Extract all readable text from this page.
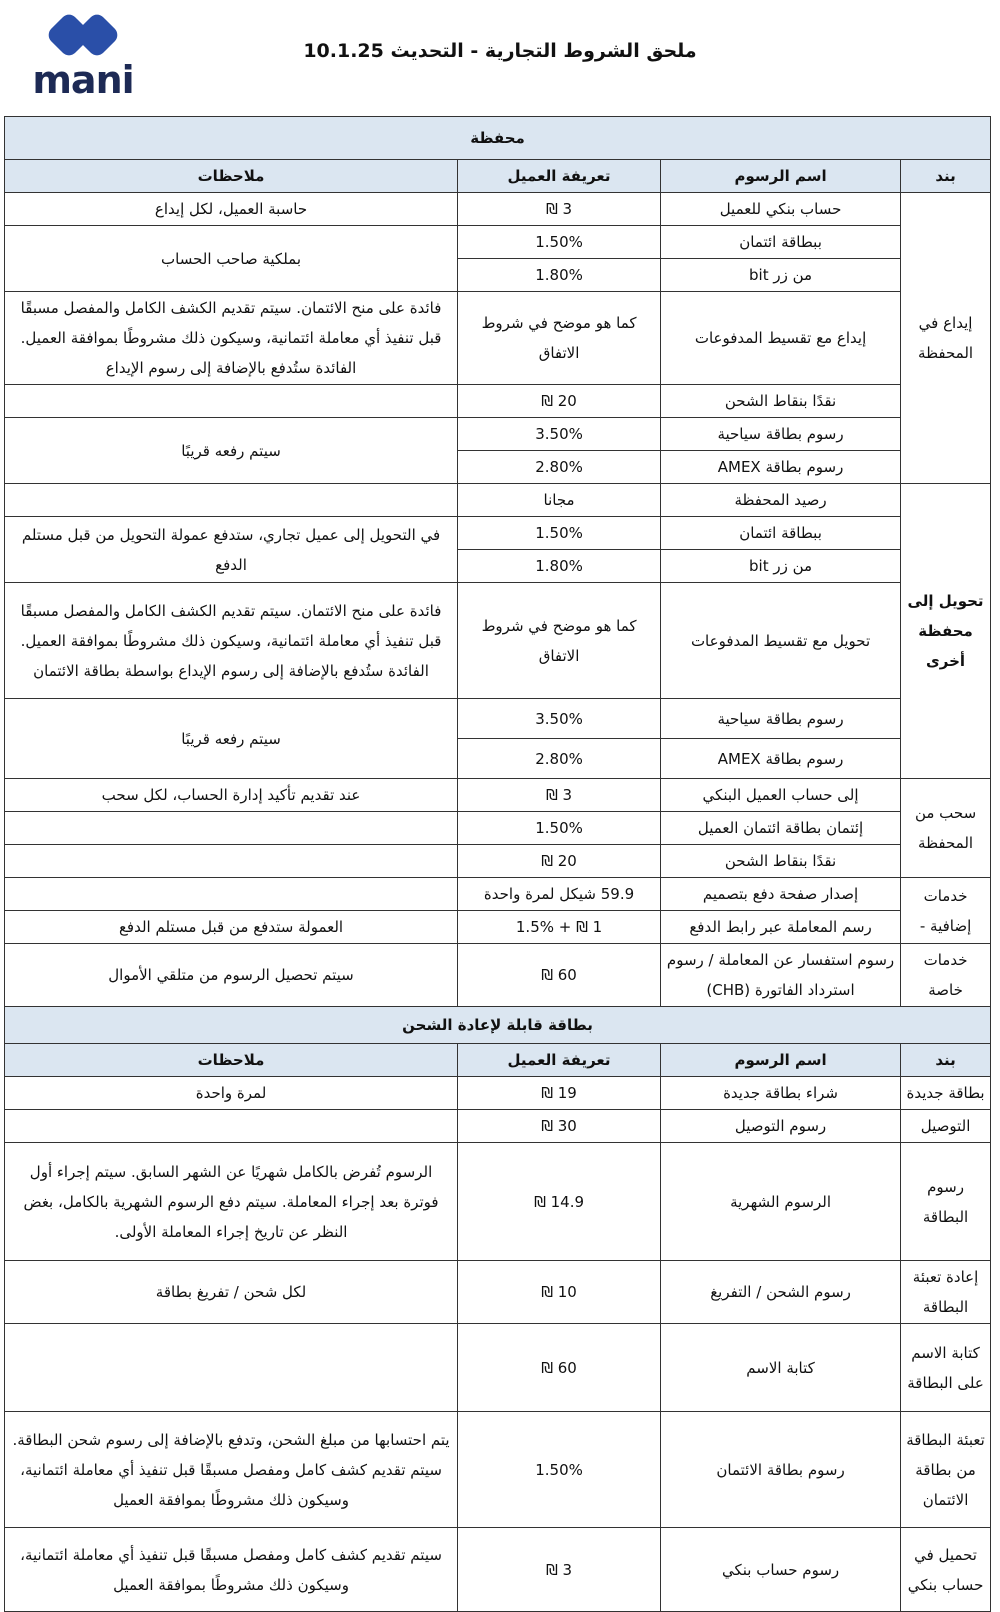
mani
ملحق الشروط التجارية - التحديث 10.1.25
محفظة			
بند	اسم الرسوم	تعريفة العميل	ملاحظات
إيداع في المحفظة	حساب بنكي للعميل	3 ₪	حاسبة العميل، لكل إيداع
	ببطاقة ائتمان	1.50%	بملكية صاحب الحساب
	من زر bit	1.80%	
	إيداع مع تقسيط المدفوعات	كما هو موضح في شروط الاتفاق	فائدة على منح الائتمان. سيتم تقديم الكشف الكامل والمفصل مسبقًا قبل تنفيذ أي معاملة ائتمانية، وسيكون ذلك مشروطًا بموافقة العميل. الفائدة ستُدفع بالإضافة إلى رسوم الإيداع
	نقدًا بنقاط الشحن	20 ₪	
	رسوم بطاقة سياحية	3.50%	سيتم رفعه قريبًا
	رسوم بطاقة AMEX	2.80%	
تحويل إلى محفظة أخرى	رصيد المحفظة	مجانا	
	ببطاقة ائتمان	1.50%	في التحويل إلى عميل تجاري، ستدفع عمولة التحويل من قبل مستلم الدفع
	من زر bit	1.80%	
	تحويل مع تقسيط المدفوعات	كما هو موضح في شروط الاتفاق	فائدة على منح الائتمان. سيتم تقديم الكشف الكامل والمفصل مسبقًا قبل تنفيذ أي معاملة ائتمانية، وسيكون ذلك مشروطًا بموافقة العميل. الفائدة ستُدفع بالإضافة إلى رسوم الإيداع بواسطة بطاقة الائتمان
	رسوم بطاقة سياحية	3.50%	سيتم رفعه قريبًا
	رسوم بطاقة AMEX	2.80%	
سحب من المحفظة	إلى حساب العميل البنكي	3 ₪	عند تقديم تأكيد إدارة الحساب، لكل سحب
	إئتمان بطاقة ائتمان العميل	1.50%	
	نقدًا بنقاط الشحن	20 ₪	
خدمات إضافية -	إصدار صفحة دفع بتصميم	59.9 شيكل لمرة واحدة	
	رسم المعاملة عبر رابط الدفع	1 ₪ + 1.5%	العمولة ستدفع من قبل مستلم الدفع
خدمات خاصة	رسوم استفسار عن المعاملة / رسوم استرداد الفاتورة (CHB)	60 ₪	سيتم تحصيل الرسوم من متلقي الأموال
بطاقة قابلة لإعادة الشحن			
بند	اسم الرسوم	تعريفة العميل	ملاحظات
بطاقة جديدة	شراء بطاقة جديدة	19 ₪	لمرة واحدة
التوصيل	رسوم التوصيل	30 ₪	
رسوم البطاقة	الرسوم الشهرية	14.9 ₪	الرسوم تُفرض بالكامل شهريًا عن الشهر السابق. سيتم إجراء أول فوترة بعد إجراء المعاملة. سيتم دفع الرسوم الشهرية بالكامل، بغض النظر عن تاريخ إجراء المعاملة الأولى.
إعادة تعبئة البطاقة	رسوم الشحن / التفريغ	10 ₪	لكل شحن / تفريغ بطاقة
كتابة الاسم على البطاقة	كتابة الاسم	60 ₪	
تعبئة البطاقة من بطاقة الائتمان	رسوم بطاقة الائتمان	1.50%	يتم احتسابها من مبلغ الشحن، وتدفع بالإضافة إلى رسوم شحن البطاقة. سيتم تقديم كشف كامل ومفصل مسبقًا قبل تنفيذ أي معاملة ائتمانية، وسيكون ذلك مشروطًا بموافقة العميل
تحميل في حساب بنكي	رسوم حساب بنكي	3 ₪	سيتم تقديم كشف كامل ومفصل مسبقًا قبل تنفيذ أي معاملة ائتمانية، وسيكون ذلك مشروطًا بموافقة العميل
